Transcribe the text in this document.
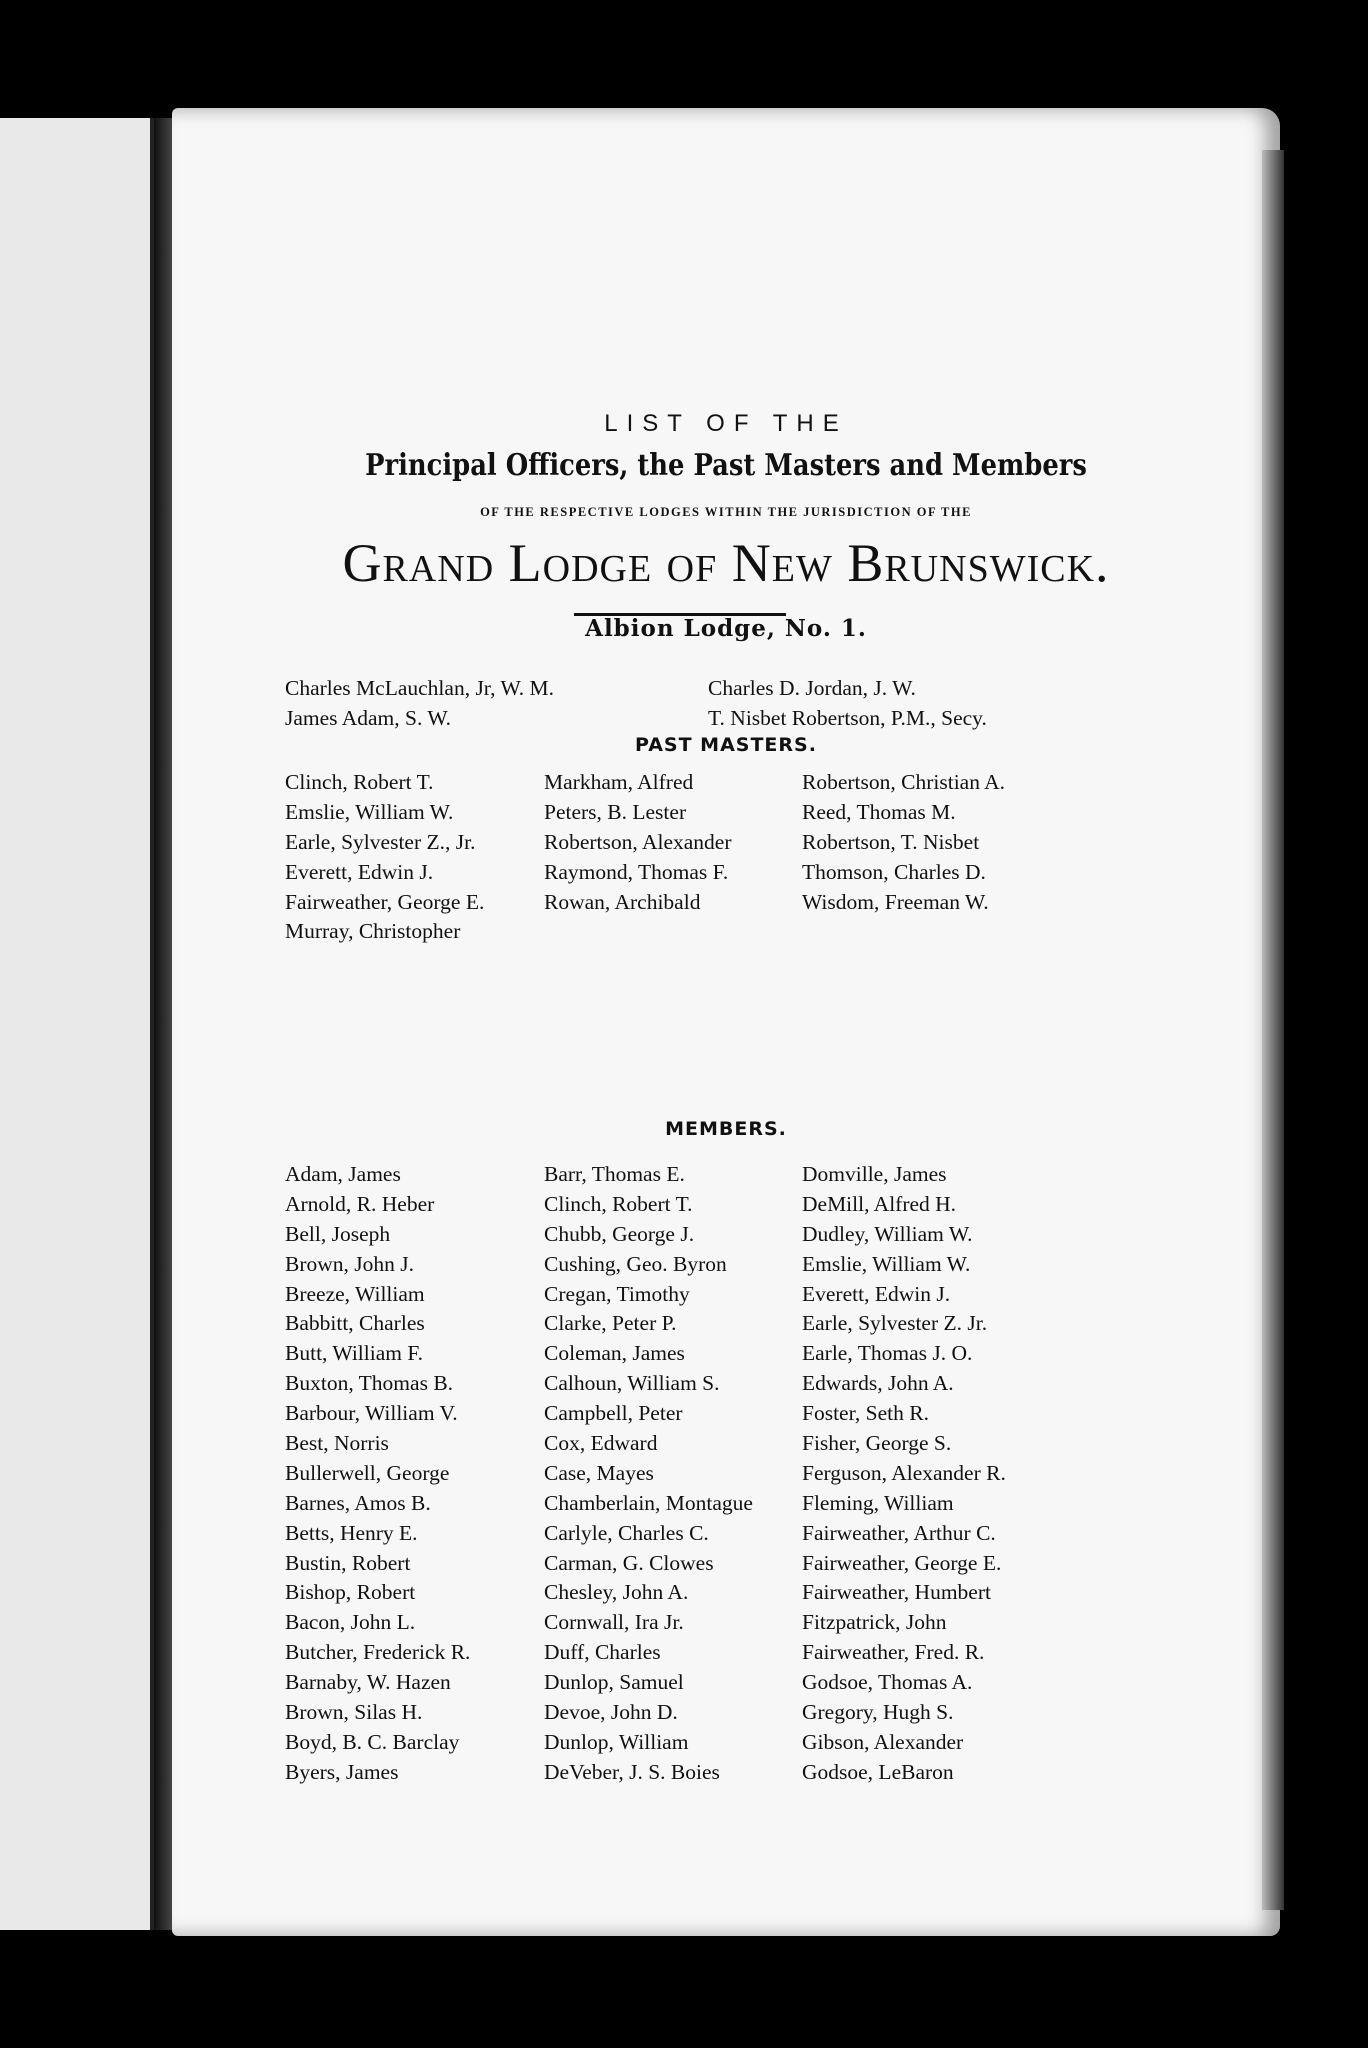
LIST OF THE
Principal Officers, the Past Masters and Members
OF THE RESPECTIVE LODGES WITHIN THE JURISDICTION OF THE
Grand Lodge of New Brunswick.
Albion Lodge, No. 1.
Charles McLauchlan, Jr, W. M.
James Adam, S. W.
Charles D. Jordan, J. W.
T. Nisbet Robertson, P.M., Secy.
PAST MASTERS.
Clinch, Robert T.
Emslie, William W.
Earle, Sylvester Z., Jr.
Everett, Edwin J.
Fairweather, George E.
Murray, Christopher
Markham, Alfred
Peters, B. Lester
Robertson, Alexander
Raymond, Thomas F.
Rowan, Archibald
Robertson, Christian A.
Reed, Thomas M.
Robertson, T. Nisbet
Thomson, Charles D.
Wisdom, Freeman W.
MEMBERS.
Adam, James
Arnold, R. Heber
Bell, Joseph
Brown, John J.
Breeze, William
Babbitt, Charles
Butt, William F.
Buxton, Thomas B.
Barbour, William V.
Best, Norris
Bullerwell, George
Barnes, Amos B.
Betts, Henry E.
Bustin, Robert
Bishop, Robert
Bacon, John L.
Butcher, Frederick R.
Barnaby, W. Hazen
Brown, Silas H.
Boyd, B. C. Barclay
Byers, James
Barr, Thomas E.
Clinch, Robert T.
Chubb, George J.
Cushing, Geo. Byron
Cregan, Timothy
Clarke, Peter P.
Coleman, James
Calhoun, William S.
Campbell, Peter
Cox, Edward
Case, Mayes
Chamberlain, Montague
Carlyle, Charles C.
Carman, G. Clowes
Chesley, John A.
Cornwall, Ira Jr.
Duff, Charles
Dunlop, Samuel
Devoe, John D.
Dunlop, William
DeVeber, J. S. Boies
Domville, James
DeMill, Alfred H.
Dudley, William W.
Emslie, William W.
Everett, Edwin J.
Earle, Sylvester Z. Jr.
Earle, Thomas J. O.
Edwards, John A.
Foster, Seth R.
Fisher, George S.
Ferguson, Alexander R.
Fleming, William
Fairweather, Arthur C.
Fairweather, George E.
Fairweather, Humbert
Fitzpatrick, John
Fairweather, Fred. R.
Godsoe, Thomas A.
Gregory, Hugh S.
Gibson, Alexander
Godsoe, LeBaron
